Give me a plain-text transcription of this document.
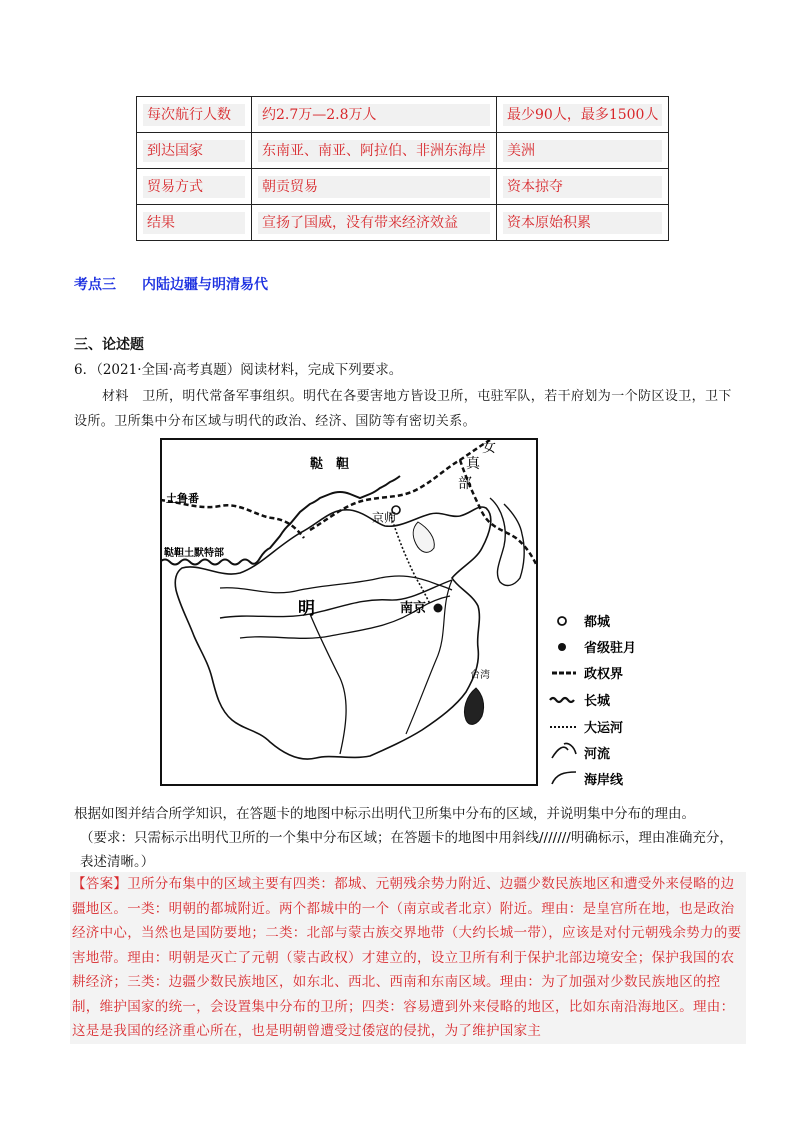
每次航行人数	约2.7万—2.8万人	最少90人，最多1500人

到达国家	东南亚、南亚、阿拉伯、非洲东海岸	美洲

贸易方式	朝贡贸易	资本掠夺

结果	宣扬了国威，没有带来经济效益	资本原始积累
考点三 内陆边疆与明清易代
三、论述题
6．（2021·全国·高考真题）阅读材料，完成下列要求。
材料　卫所，明代常备军事组织。明代在各要害地方皆设卫所，屯驻军队，若干府划为一个防区设卫，卫下设所。卫所集中分布区域与明代的政治、经济、国防等有密切关系。
鞑　靼
女
真
部
土鲁番
鞑靼土默特部
京师
明	南京
台湾
都城
省级驻月
政权界
长城
大运河
河流
海岸线
根据如图并结合所学知识，在答题卡的地图中标示出明代卫所集中分布的区域，并说明集中分布的理由。
（要求：只需标示出明代卫所的一个集中分布区域；在答题卡的地图中用斜线///////明确标示，理由准确充分，表述清晰。）
【答案】卫所分布集中的区域主要有四类：都城、元朝残余势力附近、边疆少数民族地区和遭受外来侵略的边疆地区。一类：明朝的都城附近。两个都城中的一个（南京或者北京）附近。理由：是皇宫所在地，也是政治经济中心，当然也是国防要地；二类：北部与蒙古族交界地带（大约长城一带），应该是对付元朝残余势力的要害地带。理由：明朝是灭亡了元朝（蒙古政权）才建立的，设立卫所有利于保护北部边境安全；保护我国的农耕经济；三类：边疆少数民族地区，如东北、西北、西南和东南区域。理由：为了加强对少数民族地区的控制，维护国家的统一，会设置集中分布的卫所；四类：容易遭到外来侵略的地区，比如东南沿海地区。理由：这是是我国的经济重心所在，也是明朝曾遭受过倭寇的侵扰，为了维护国家主
